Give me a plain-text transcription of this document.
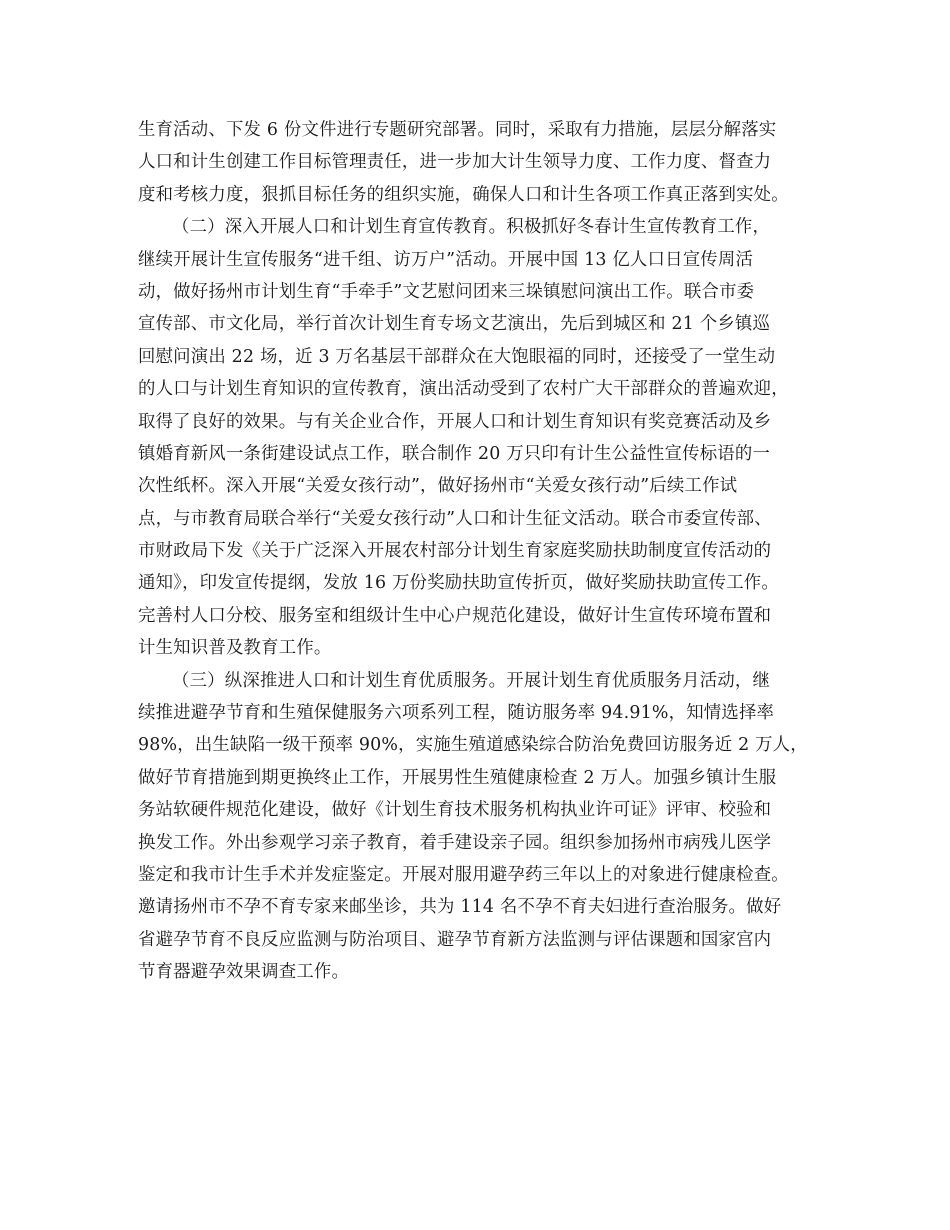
生育活动、下发 6 份文件进行专题研究部署。同时，采取有力措施，层层分解落实
人口和计生创建工作目标管理责任，进一步加大计生领导力度、工作力度、督查力
度和考核力度，狠抓目标任务的组织实施，确保人口和计生各项工作真正落到实处。
（二）深入开展人口和计划生育宣传教育。积极抓好冬春计生宣传教育工作，
继续开展计生宣传服务“进千组、访万户”活动。开展中国 13 亿人口日宣传周活
动，做好扬州市计划生育“手牵手”文艺慰问团来三垛镇慰问演出工作。联合市委
宣传部、市文化局，举行首次计划生育专场文艺演出，先后到城区和 21 个乡镇巡
回慰问演出 22 场，近 3 万名基层干部群众在大饱眼福的同时，还接受了一堂生动
的人口与计划生育知识的宣传教育，演出活动受到了农村广大干部群众的普遍欢迎，
取得了良好的效果。与有关企业合作，开展人口和计划生育知识有奖竞赛活动及乡
镇婚育新风一条街建设试点工作，联合制作 20 万只印有计生公益性宣传标语的一
次性纸杯。深入开展“关爱女孩行动”，做好扬州市“关爱女孩行动”后续工作试
点，与市教育局联合举行“关爱女孩行动”人口和计生征文活动。联合市委宣传部、
市财政局下发《关于广泛深入开展农村部分计划生育家庭奖励扶助制度宣传活动的
通知》，印发宣传提纲，发放 16 万份奖励扶助宣传折页，做好奖励扶助宣传工作。
完善村人口分校、服务室和组级计生中心户规范化建设，做好计生宣传环境布置和
计生知识普及教育工作。
（三）纵深推进人口和计划生育优质服务。开展计划生育优质服务月活动，继
续推进避孕节育和生殖保健服务六项系列工程，随访服务率 94.91%，知情选择率
98%，出生缺陷一级干预率 90%，实施生殖道感染综合防治免费回访服务近 2 万人，
做好节育措施到期更换终止工作，开展男性生殖健康检查 2 万人。加强乡镇计生服
务站软硬件规范化建设，做好《计划生育技术服务机构执业许可证》评审、校验和
换发工作。外出参观学习亲子教育，着手建设亲子园。组织参加扬州市病残儿医学
鉴定和我市计生手术并发症鉴定。开展对服用避孕药三年以上的对象进行健康检查。
邀请扬州市不孕不育专家来邮坐诊，共为 114 名不孕不育夫妇进行查治服务。做好
省避孕节育不良反应监测与防治项目、避孕节育新方法监测与评估课题和国家宫内
节育器避孕效果调查工作。
